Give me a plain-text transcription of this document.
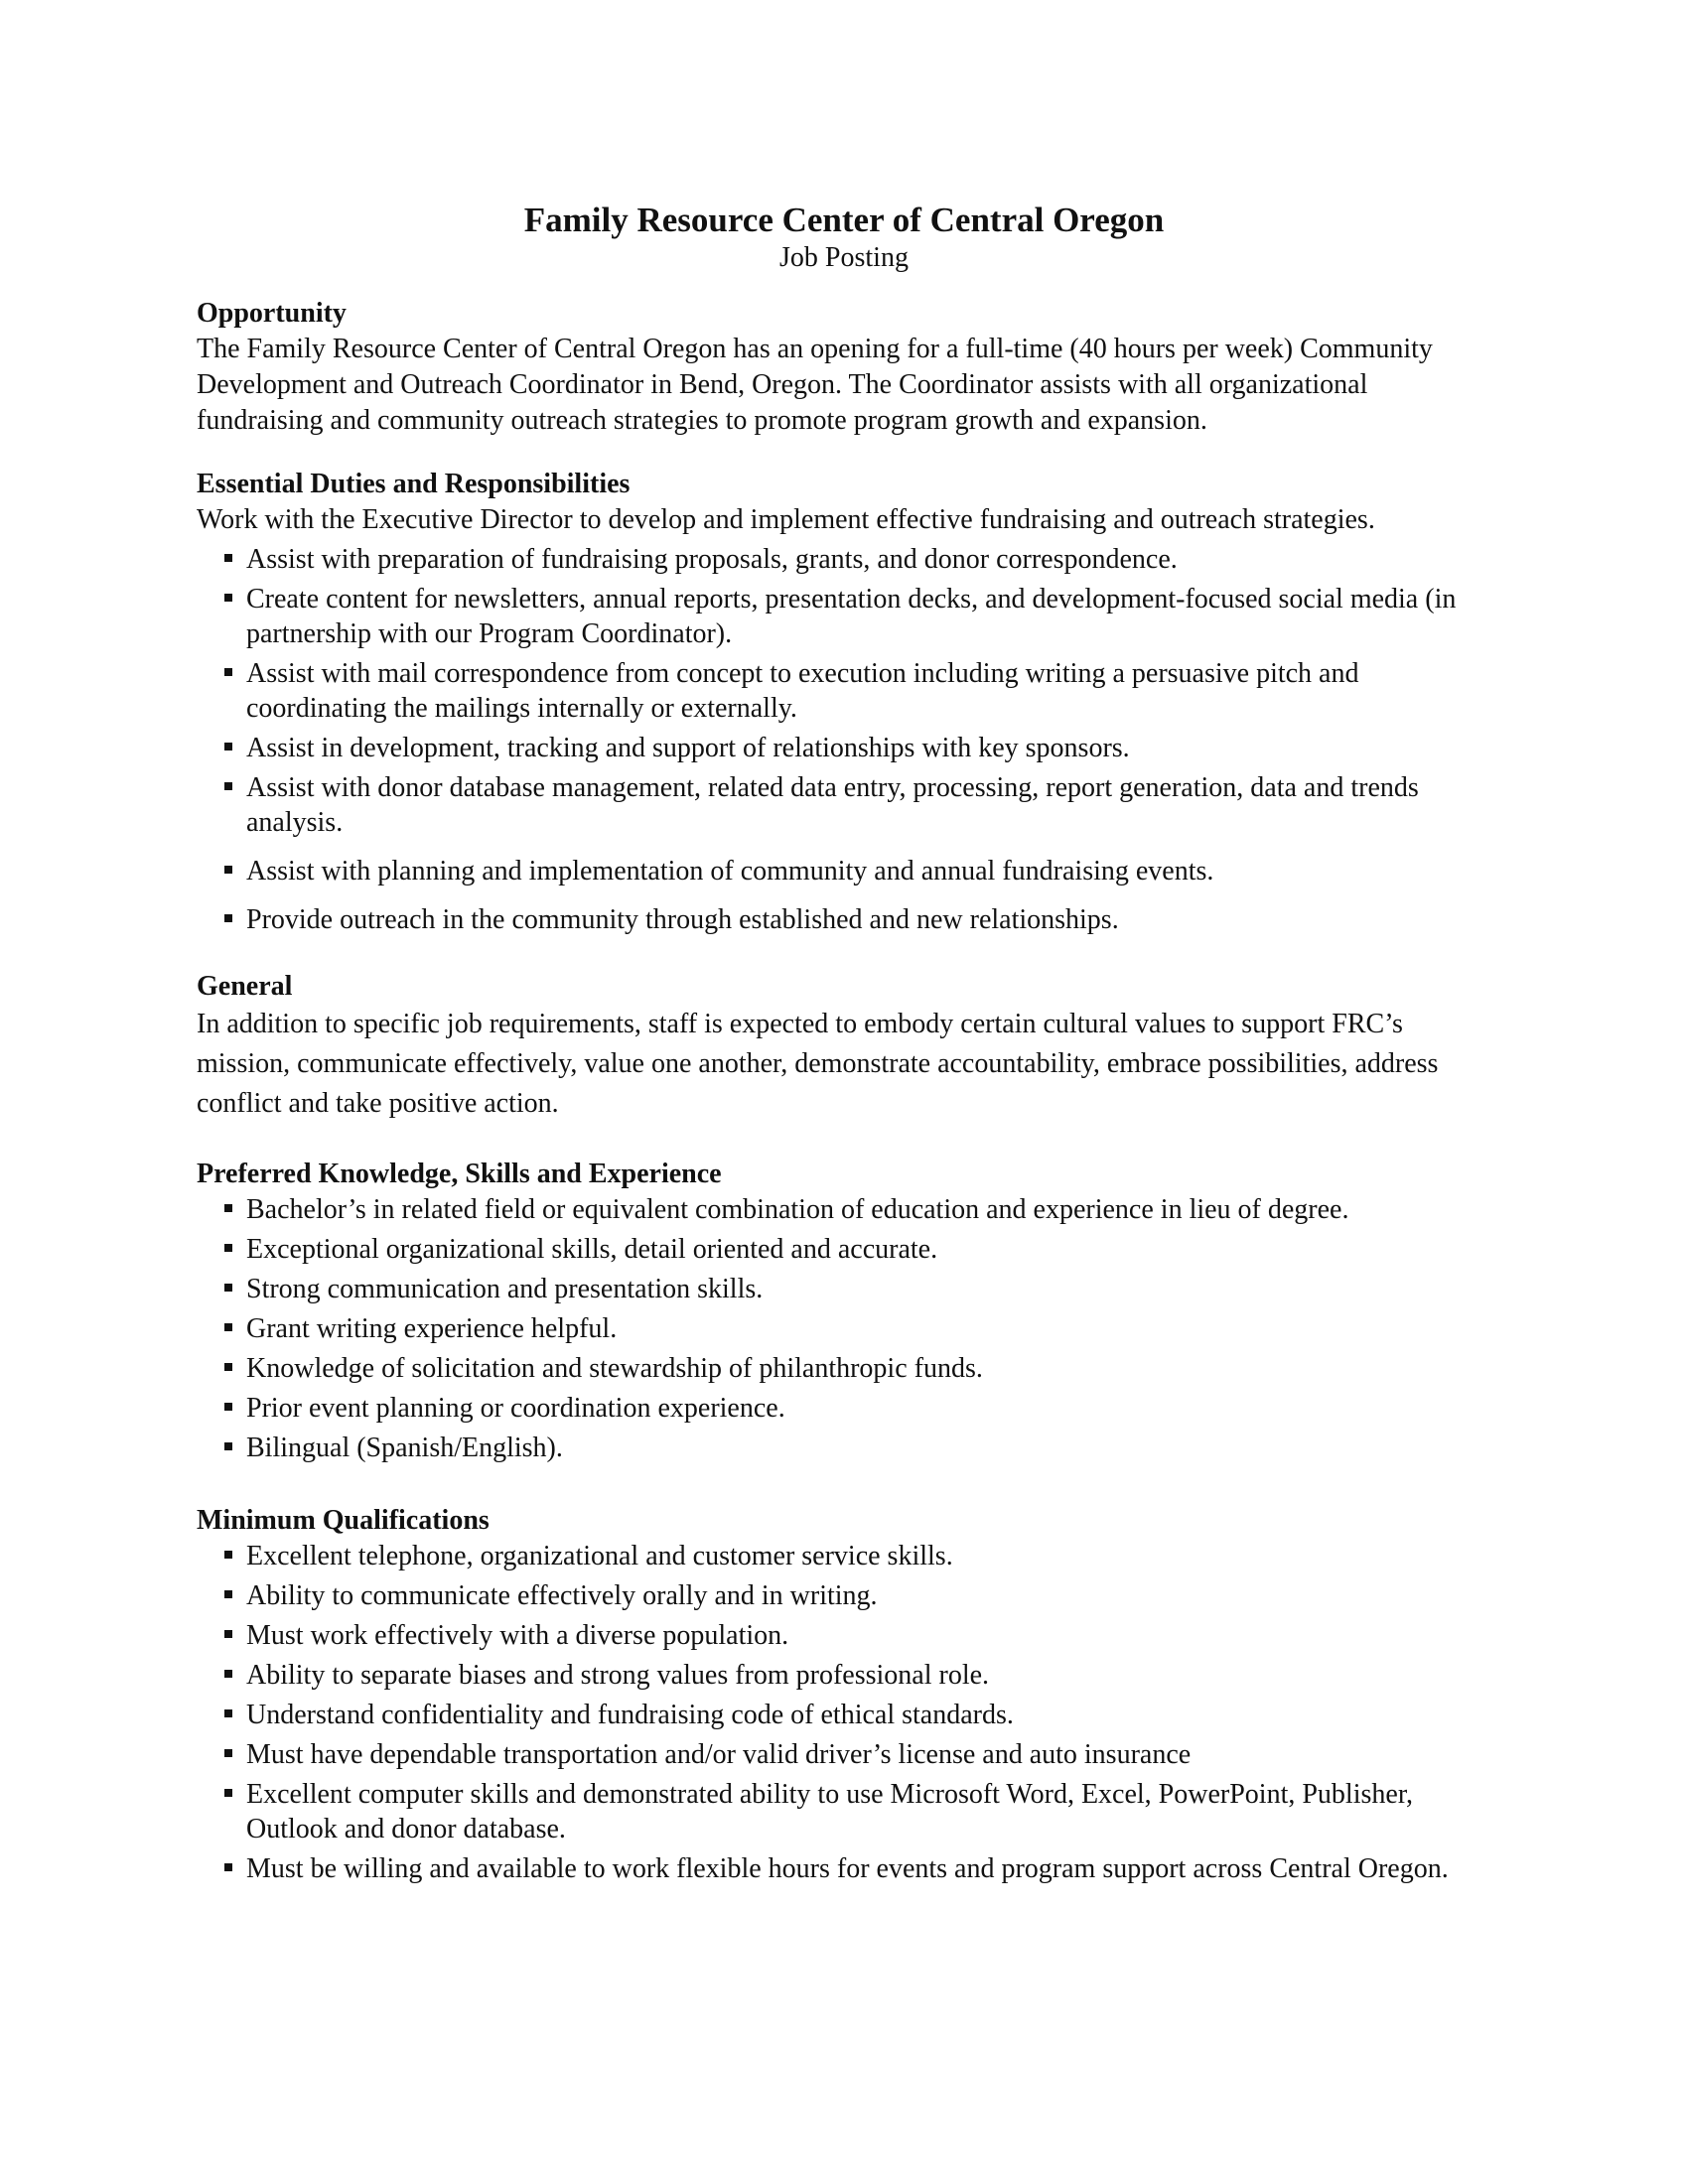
Family Resource Center of Central Oregon
Job Posting
Opportunity
The Family Resource Center of Central Oregon has an opening for a full-time (40 hours per week) Community Development and Outreach Coordinator in Bend, Oregon. The Coordinator assists with all organizational fundraising and community outreach strategies to promote program growth and expansion.
Essential Duties and Responsibilities
Work with the Executive Director to develop and implement effective fundraising and outreach strategies.
Assist with preparation of fundraising proposals, grants, and donor correspondence.
Create content for newsletters, annual reports, presentation decks, and development-focused social media (in partnership with our Program Coordinator).
Assist with mail correspondence from concept to execution including writing a persuasive pitch and coordinating the mailings internally or externally.
Assist in development, tracking and support of relationships with key sponsors.
Assist with donor database management, related data entry, processing, report generation, data and trends analysis.
Assist with planning and implementation of community and annual fundraising events.
Provide outreach in the community through established and new relationships.
General
In addition to specific job requirements, staff is expected to embody certain cultural values to support FRC’s mission, communicate effectively, value one another, demonstrate accountability, embrace possibilities, address conflict and take positive action.
Preferred Knowledge, Skills and Experience
Bachelor’s in related field or equivalent combination of education and experience in lieu of degree.
Exceptional organizational skills, detail oriented and accurate.
Strong communication and presentation skills.
Grant writing experience helpful.
Knowledge of solicitation and stewardship of philanthropic funds.
Prior event planning or coordination experience.
Bilingual (Spanish/English).
Minimum Qualifications
Excellent telephone, organizational and customer service skills.
Ability to communicate effectively orally and in writing.
Must work effectively with a diverse population.
Ability to separate biases and strong values from professional role.
Understand confidentiality and fundraising code of ethical standards.
Must have dependable transportation and/or valid driver’s license and auto insurance
Excellent computer skills and demonstrated ability to use Microsoft Word, Excel, PowerPoint, Publisher, Outlook and donor database.
Must be willing and available to work flexible hours for events and program support across Central Oregon.
